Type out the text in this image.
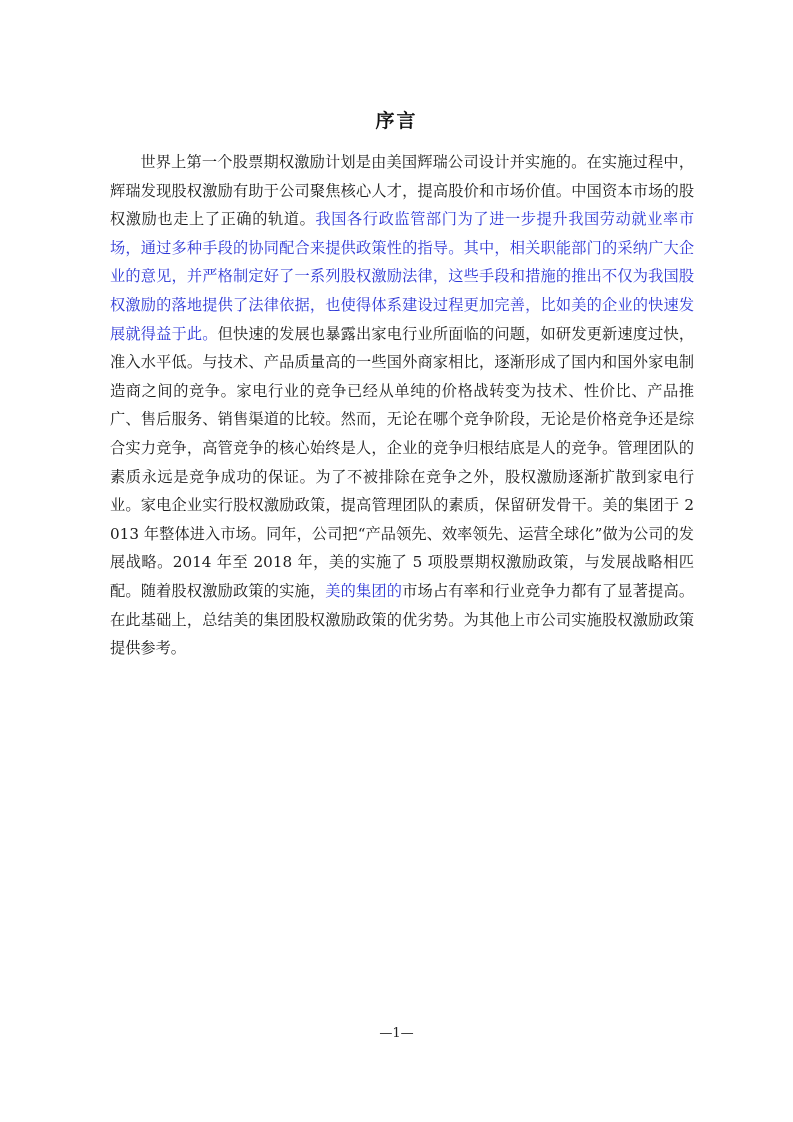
序言

世界上第一个股票期权激励计划是由美国辉瑞公司设计并实施的。在实施过程中，辉瑞发现股权激励有助于公司聚焦核心人才，提高股价和市场价值。中国资本市场的股权激励也走上了正确的轨道。我国各行政监管部门为了进一步提升我国劳动就业率市场，通过多种手段的协同配合来提供政策性的指导。其中，相关职能部门的采纳广大企业的意见，并严格制定好了一系列股权激励法律，这些手段和措施的推出不仅为我国股权激励的落地提供了法律依据，也使得体系建设过程更加完善，比如美的企业的快速发展就得益于此。但快速的发展也暴露出家电行业所面临的问题，如研发更新速度过快，准入水平低。与技术、产品质量高的一些国外商家相比，逐渐形成了国内和国外家电制造商之间的竞争。家电行业的竞争已经从单纯的价格战转变为技术、性价比、产品推广、售后服务、销售渠道的比较。然而，无论在哪个竞争阶段，无论是价格竞争还是综合实力竞争，高管竞争的核心始终是人，企业的竞争归根结底是人的竞争。管理团队的素质永远是竞争成功的保证。为了不被排除在竞争之外，股权激励逐渐扩散到家电行业。家电企业实行股权激励政策，提高管理团队的素质，保留研发骨干。美的集团于 2013 年整体进入市场。同年，公司把“产品领先、效率领先、运营全球化”做为公司的发展战略。2014 年至 2018 年，美的实施了 5 项股票期权激励政策，与发展战略相匹配。随着股权激励政策的实施，美的集团的市场占有率和行业竞争力都有了显著提高。在此基础上，总结美的集团股权激励政策的优劣势。为其他上市公司实施股权激励政策提供参考。

—1—
